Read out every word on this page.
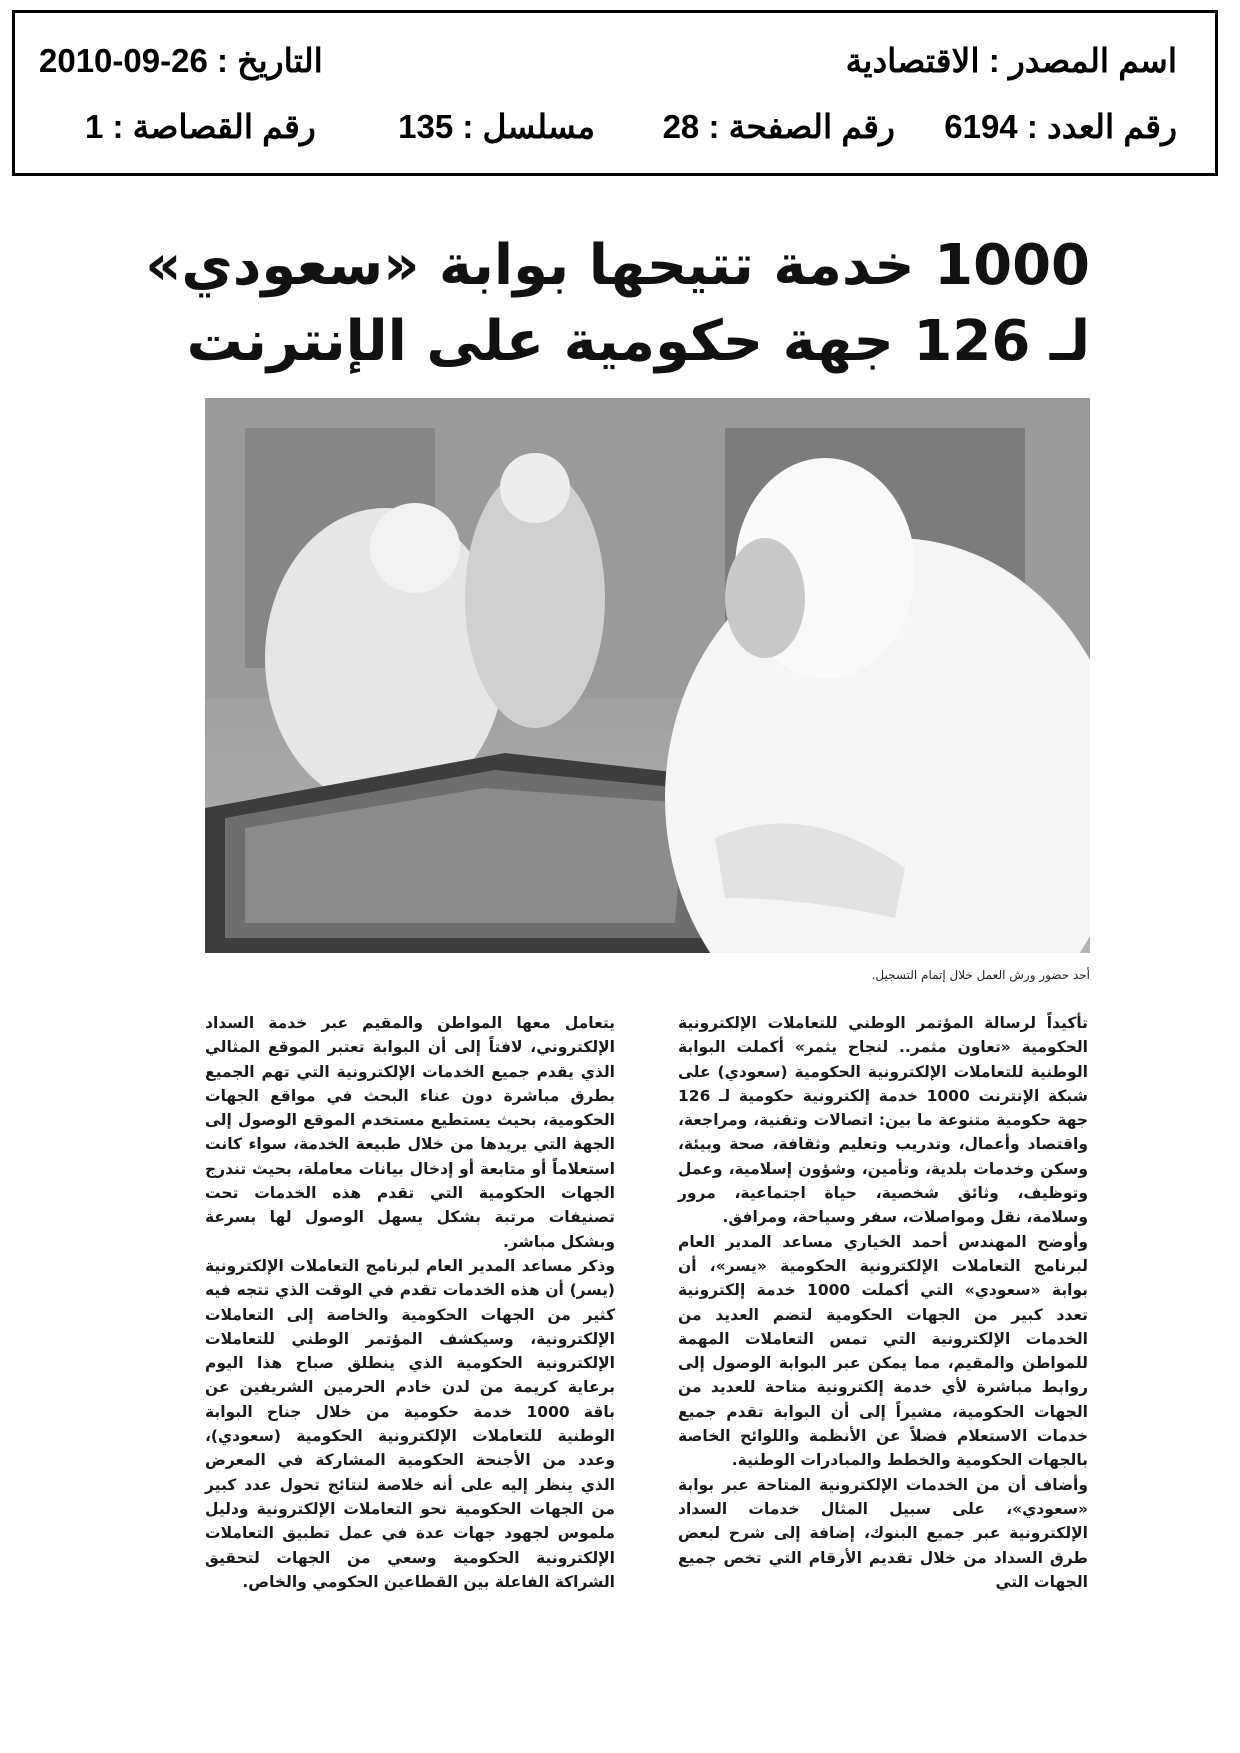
اسم المصدر : الاقتصادية
التاريخ : 26-09-2010
رقم العدد : 6194
رقم الصفحة : 28
مسلسل : 135
رقم القصاصة : 1
1000 خدمة تتيحها بوابة «سعودي»
لـ 126 جهة حكومية على الإنترنت
أحد حضور ورش العمل خلال إتمام التسجيل.

تأكيداً لرسالة المؤتمر الوطني للتعاملات الإلكترونية الحكومية «تعاون مثمر.. لنجاح يثمر» أكملت البوابة الوطنية للتعاملات الإلكترونية الحكومية (سعودي) على شبكة الإنترنت 1000 خدمة إلكترونية حكومية لـ 126 جهة حكومية متنوعة ما بين: اتصالات وتقنية، ومراجعة، واقتصاد وأعمال، وتدريب وتعليم وثقافة، صحة وبيئة، وسكن وخدمات بلدية، وتأمين، وشؤون إسلامية، وعمل وتوظيف، وثائق شخصية، حياة اجتماعية، مرور وسلامة، نقل ومواصلات، سفر وسياحة، ومرافق.

وأوضح المهندس أحمد الخياري مساعد المدير العام لبرنامج التعاملات الإلكترونية الحكومية «يسر»، أن بوابة «سعودي» التي أكملت 1000 خدمة إلكترونية تعدد كبير من الجهات الحكومية لتضم العديد من الخدمات الإلكترونية التي تمس التعاملات المهمة للمواطن والمقيم، مما يمكن عبر البوابة الوصول إلى روابط مباشرة لأي خدمة إلكترونية متاحة للعديد من الجهات الحكومية، مشيراً إلى أن البوابة تقدم جميع خدمات الاستعلام فضلاً عن الأنظمة واللوائح الخاصة بالجهات الحكومية والخطط والمبادرات الوطنية.

وأضاف أن من الخدمات الإلكترونية المتاحة عبر بوابة «سعودي»، على سبيل المثال خدمات السداد الإلكترونية عبر جميع البنوك، إضافة إلى شرح لبعض طرق السداد من خلال تقديم الأرقام التي تخص جميع الجهات التي

يتعامل معها المواطن والمقيم عبر خدمة السداد الإلكتروني، لافتاً إلى أن البوابة تعتبر الموقع المثالي الذي يقدم جميع الخدمات الإلكترونية التي تهم الجميع بطرق مباشرة دون عناء البحث في مواقع الجهات الحكومية، بحيث يستطيع مستخدم الموقع الوصول إلى الجهة التي يريدها من خلال طبيعة الخدمة، سواء كانت استعلاماً أو متابعة أو إدخال بيانات معاملة، بحيث تندرج الجهات الحكومية التي تقدم هذه الخدمات تحت تصنيفات مرتبة بشكل يسهل الوصول لها بسرعة وبشكل مباشر.

وذكر مساعد المدير العام لبرنامج التعاملات الإلكترونية (يسر) أن هذه الخدمات تقدم في الوقت الذي تتجه فيه كثير من الجهات الحكومية والخاصة إلى التعاملات الإلكترونية، وسيكشف المؤتمر الوطني للتعاملات الإلكترونية الحكومية الذي ينطلق صباح هذا اليوم برعاية كريمة من لدن خادم الحرمين الشريفين عن باقة 1000 خدمة حكومية من خلال جناح البوابة الوطنية للتعاملات الإلكترونية الحكومية (سعودي)، وعدد من الأجنحة الحكومية المشاركة في المعرض الذي ينظر إليه على أنه خلاصة لنتائج تحول عدد كبير من الجهات الحكومية نحو التعاملات الإلكترونية ودليل ملموس لجهود جهات عدة في عمل تطبيق التعاملات الإلكترونية الحكومية وسعي من الجهات لتحقيق الشراكة الفاعلة بين القطاعين الحكومي والخاص.
